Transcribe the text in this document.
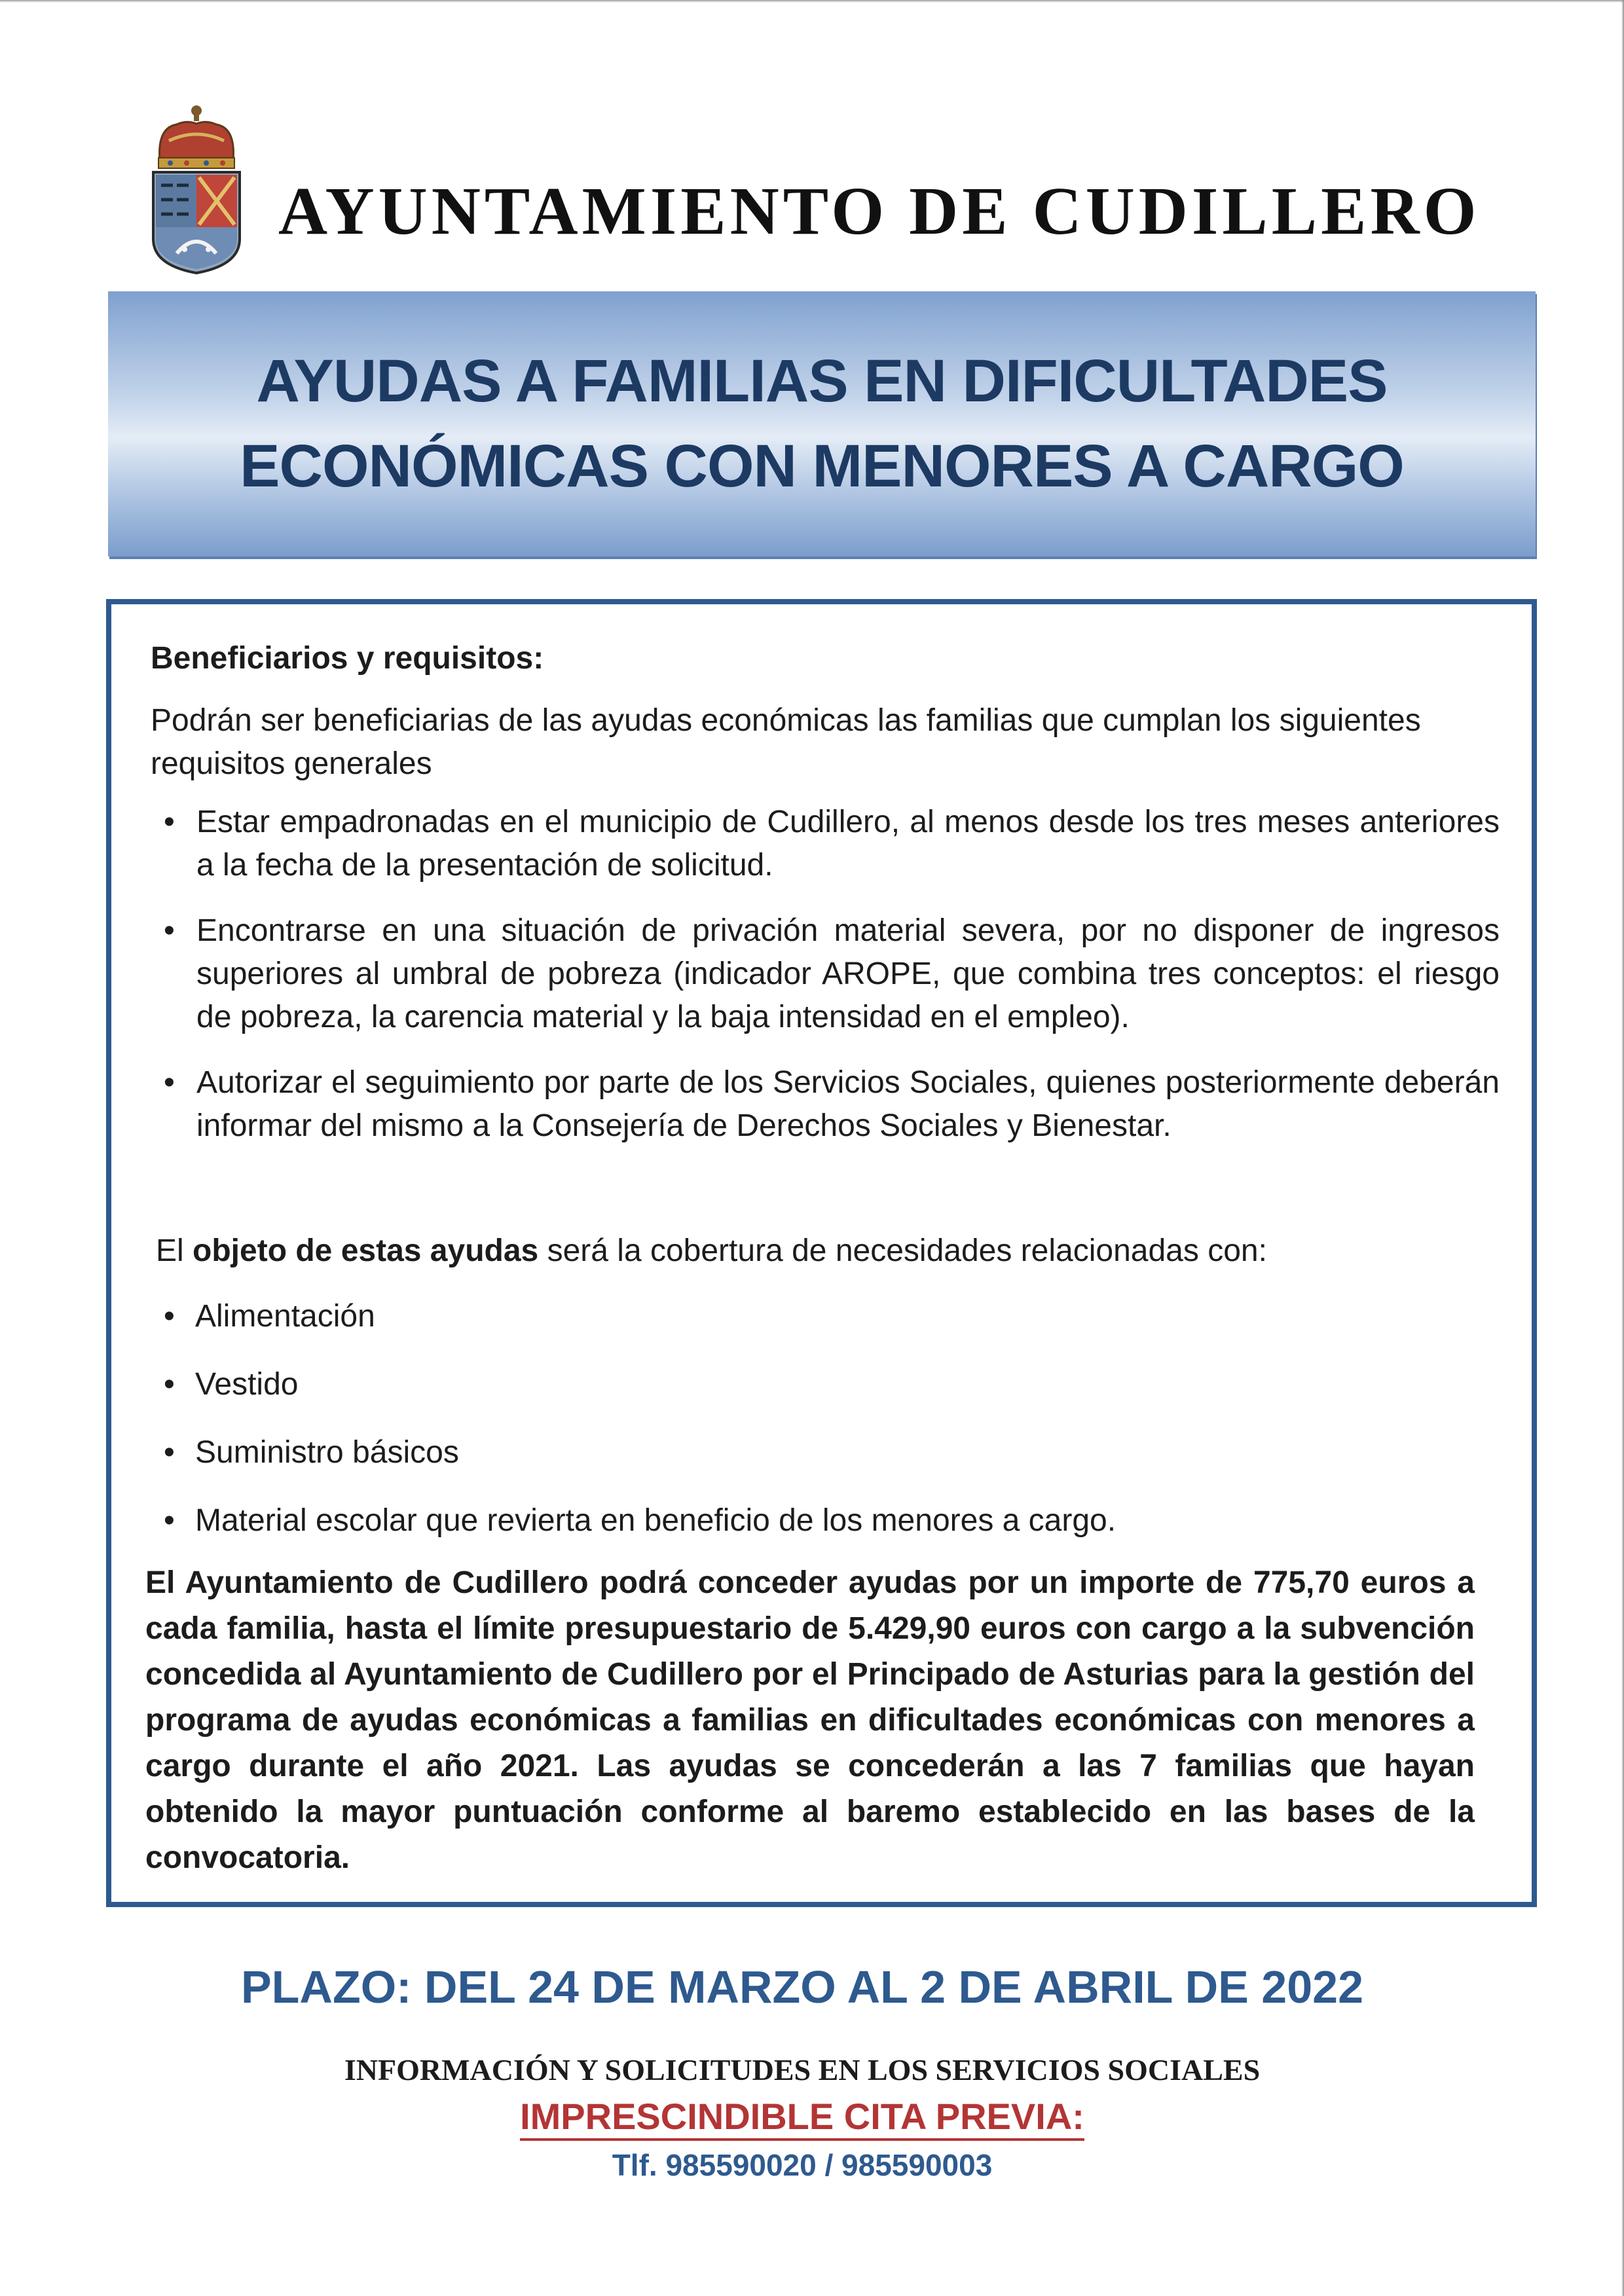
AYUNTAMIENTO DE CUDILLERO
AYUDAS A FAMILIAS EN DIFICULTADES
ECONÓMICAS CON MENORES A CARGO
Beneficiarios y requisitos:
Podrán ser beneficiarias de las ayudas económicas las familias que cumplan los siguientes requisitos generales
• Estar empadronadas en el municipio de Cudillero, al menos desde los tres meses anteriores a la fecha de la presentación de solicitud.
• Encontrarse en una situación de privación material severa, por no disponer de ingresos superiores al umbral de pobreza (indicador AROPE, que combina tres conceptos: el riesgo de pobreza, la carencia material y la baja intensidad en el empleo).
• Autorizar el seguimiento por parte de los Servicios Sociales, quienes posteriormente deberán informar del mismo a la Consejería de Derechos Sociales y Bienestar.
El objeto de estas ayudas será la cobertura de necesidades relacionadas con:
• Alimentación
• Vestido
• Suministro básicos
• Material escolar que revierta en beneficio de los menores a cargo.
El Ayuntamiento de Cudillero podrá conceder ayudas por un importe de 775,70 euros a cada familia, hasta el límite presupuestario de 5.429,90 euros con cargo a la subvención concedida al Ayuntamiento de Cudillero por el Principado de Asturias para la gestión del programa de ayudas económicas a familias en dificultades económicas con menores a cargo durante el año 2021. Las ayudas se concederán a las 7 familias que hayan obtenido la mayor puntuación conforme al baremo establecido en las bases de la convocatoria.
PLAZO: DEL 24 DE MARZO AL 2 DE ABRIL DE 2022
INFORMACIÓN Y SOLICITUDES EN LOS SERVICIOS SOCIALES
IMPRESCINDIBLE CITA PREVIA:
Tlf. 985590020 / 985590003
